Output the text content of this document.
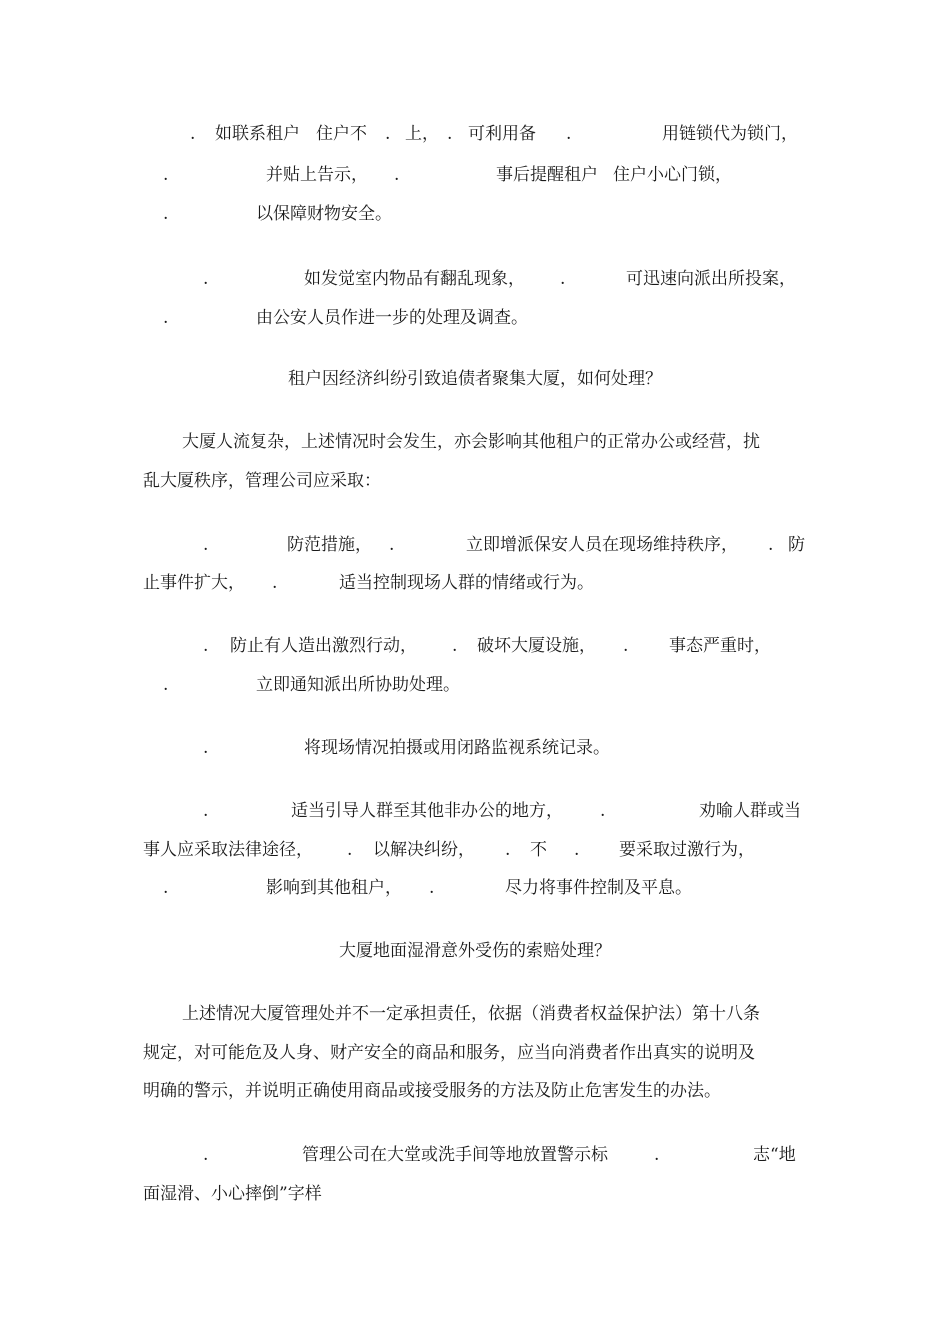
. 如联系租户 住户不 . 上， . 可利用备 .	用链锁代为锁门，
.	并贴上告示， .	事后提醒租户 住户小心门锁，
.	以保障财物安全。
.	如发觉室内物品有翻乱现象， .	可迅速向派出所投案，
.	由公安人员作进一步的处理及调查。
租户因经济纠纷引致追债者聚集大厦，如何处理？
大厦人流复杂，上述情况时会发生，亦会影响其他租户的正常办公或经营，扰
乱大厦秩序，管理公司应采取：
.	防范措施， .	立即增派保安人员在现场维持秩序， . 防
止事件扩大， .	适当控制现场人群的情绪或行为。
. 防止有人造出激烈行动， . 破坏大厦设施， . 事态严重时，
.	立即通知派出所协助处理。
.	将现场情况拍摄或用闭路监视系统记录。
.	适当引导人群至其他非办公的地方， .	劝喻人群或当
事人应采取法律途径， . 以解决纠纷， . 不 . 要采取过激行为，
.	影响到其他租户， .	尽力将事件控制及平息。
大厦地面湿滑意外受伤的索赔处理？
上述情况大厦管理处并不一定承担责任，依据（消费者权益保护法）第十八条
规定，对可能危及人身、财产安全的商品和服务，应当向消费者作出真实的说明及
明确的警示，并说明正确使用商品或接受服务的方法及防止危害发生的办法。
.	管理公司在大堂或洗手间等地放置警示标	.	志“地
面湿滑、小心摔倒”字样
